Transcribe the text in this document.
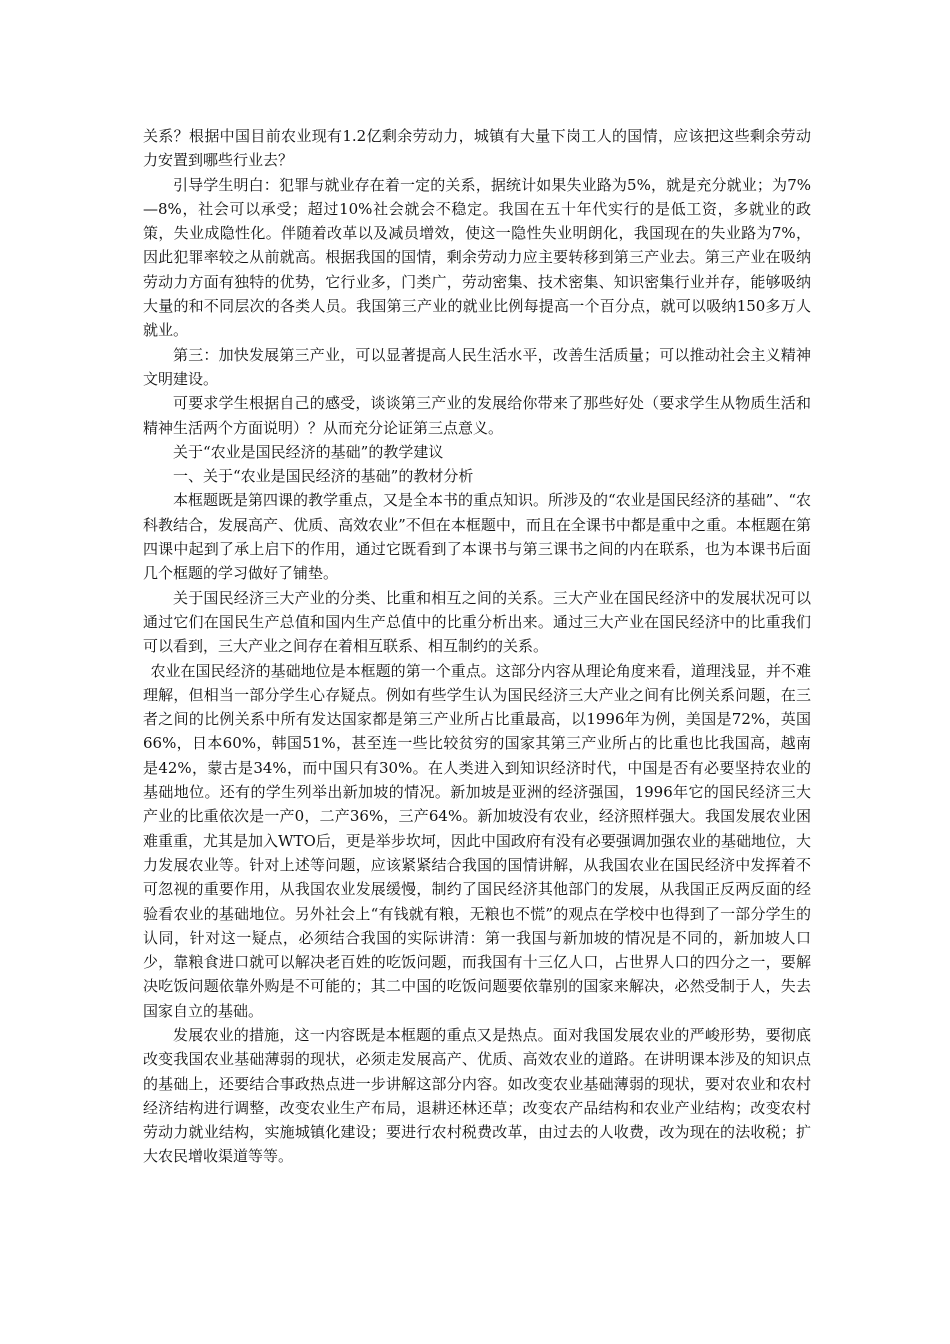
关系？根据中国目前农业现有1.2亿剩余劳动力，城镇有大量下岗工人的国情，应该把这些剩余劳动力安置到哪些行业去？

引导学生明白：犯罪与就业存在着一定的关系，据统计如果失业路为5%，就是充分就业；为7%—8%，社会可以承受；超过10%社会就会不稳定。我国在五十年代实行的是低工资，多就业的政策，失业成隐性化。伴随着改革以及减员增效，使这一隐性失业明朗化，我国现在的失业路为7%，因此犯罪率较之从前就高。根据我国的国情，剩余劳动力应主要转移到第三产业去。第三产业在吸纳劳动力方面有独特的优势，它行业多，门类广，劳动密集、技术密集、知识密集行业并存，能够吸纳大量的和不同层次的各类人员。我国第三产业的就业比例每提高一个百分点，就可以吸纳150多万人就业。

第三：加快发展第三产业，可以显著提高人民生活水平，改善生活质量；可以推动社会主义精神文明建设。

可要求学生根据自己的感受，谈谈第三产业的发展给你带来了那些好处（要求学生从物质生活和精神生活两个方面说明）？从而充分论证第三点意义。

关于“农业是国民经济的基础”的教学建议

一、关于“农业是国民经济的基础”的教材分析

本框题既是第四课的教学重点，又是全本书的重点知识。所涉及的“农业是国民经济的基础”、“农科教结合，发展高产、优质、高效农业”不但在本框题中，而且在全课书中都是重中之重。本框题在第四课中起到了承上启下的作用，通过它既看到了本课书与第三课书之间的内在联系，也为本课书后面几个框题的学习做好了铺垫。

关于国民经济三大产业的分类、比重和相互之间的关系。三大产业在国民经济中的发展状况可以通过它们在国民生产总值和国内生产总值中的比重分析出来。通过三大产业在国民经济中的比重我们可以看到，三大产业之间存在着相互联系、相互制约的关系。

农业在国民经济的基础地位是本框题的第一个重点。这部分内容从理论角度来看，道理浅显，并不难理解，但相当一部分学生心存疑点。例如有些学生认为国民经济三大产业之间有比例关系问题，在三者之间的比例关系中所有发达国家都是第三产业所占比重最高，以1996年为例，美国是72%，英国66%，日本60%，韩国51%，甚至连一些比较贫穷的国家其第三产业所占的比重也比我国高，越南是42%，蒙古是34%，而中国只有30%。在人类进入到知识经济时代，中国是否有必要坚持农业的基础地位。还有的学生列举出新加坡的情况。新加坡是亚洲的经济强国，1996年它的国民经济三大产业的比重依次是一产0，二产36%，三产64%。新加坡没有农业，经济照样强大。我国发展农业困难重重，尤其是加入WTO后，更是举步坎坷，因此中国政府有没有必要强调加强农业的基础地位，大力发展农业等。针对上述等问题，应该紧紧结合我国的国情讲解，从我国农业在国民经济中发挥着不可忽视的重要作用，从我国农业发展缓慢，制约了国民经济其他部门的发展，从我国正反两反面的经验看农业的基础地位。另外社会上“有钱就有粮，无粮也不慌”的观点在学校中也得到了一部分学生的认同，针对这一疑点，必须结合我国的实际讲清：第一我国与新加坡的情况是不同的，新加坡人口少，靠粮食进口就可以解决老百姓的吃饭问题，而我国有十三亿人口，占世界人口的四分之一，要解决吃饭问题依靠外购是不可能的；其二中国的吃饭问题要依靠别的国家来解决，必然受制于人，失去国家自立的基础。

发展农业的措施，这一内容既是本框题的重点又是热点。面对我国发展农业的严峻形势，要彻底改变我国农业基础薄弱的现状，必须走发展高产、优质、高效农业的道路。在讲明课本涉及的知识点的基础上，还要结合事政热点进一步讲解这部分内容。如改变农业基础薄弱的现状，要对农业和农村经济结构进行调整，改变农业生产布局，退耕还林还草；改变农产品结构和农业产业结构；改变农村劳动力就业结构，实施城镇化建设；要进行农村税费改革，由过去的人收费，改为现在的法收税；扩大农民增收渠道等等。
